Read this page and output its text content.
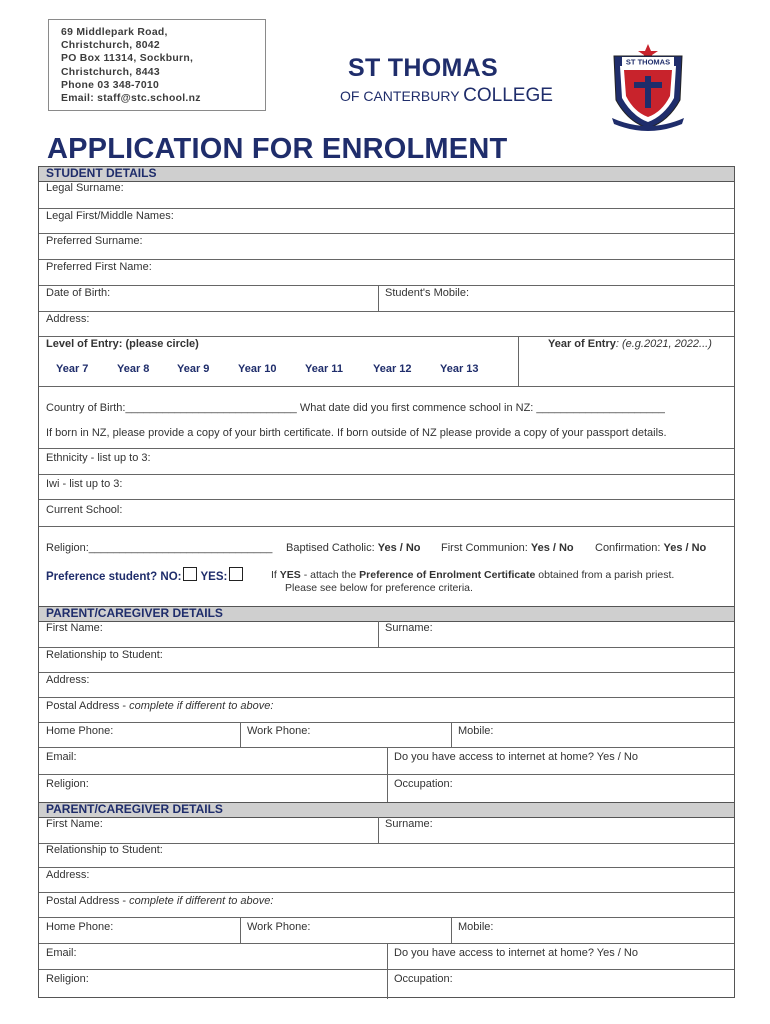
69 Middlepark Road,
Christchurch, 8042
PO Box 11314, Sockburn,
Christchurch, 8443
Phone 03 348-7010
Email: staff@stc.school.nz
ST THOMAS
OF CANTERBURY COLLEGE
ST THOMAS
APPLICATION FOR ENROLMENT
STUDENT DETAILS
Legal Surname:
Legal First/Middle Names:
Preferred Surname:
Preferred First Name:
Date of Birth:	Student's Mobile:
Address:
Level of Entry: (please circle)	Year of Entry: (e.g.2021, 2022...)
Year 7	Year 8	Year 9	Year 10	Year 11	Year 12	Year 13
Country of Birth:____________________________ What date did you first commence school in NZ: _____________________
If born in NZ, please provide a copy of your birth certificate. If born outside of NZ please provide a copy of your passport details.
Ethnicity - list up to 3:
Iwi - list up to 3:
Current School:
Religion:______________________________ Baptised Catholic: Yes / No First Communion: Yes / No Confirmation: Yes / No
Preference student? NO: YES:	If YES - attach the Preference of Enrolment Certificate obtained from a parish priest.
Please see below for preference criteria.
PARENT/CAREGIVER DETAILS
First Name:	Surname:
Relationship to Student:
Address:
Postal Address - complete if different to above:
Home Phone:	Work Phone:	Mobile:
Email:	Do you have access to internet at home? Yes / No
Religion:	Occupation:
PARENT/CAREGIVER DETAILS
First Name:	Surname:
Relationship to Student:
Address:
Postal Address - complete if different to above:
Home Phone:	Work Phone:	Mobile:
Email:	Do you have access to internet at home? Yes / No
Religion:	Occupation:
